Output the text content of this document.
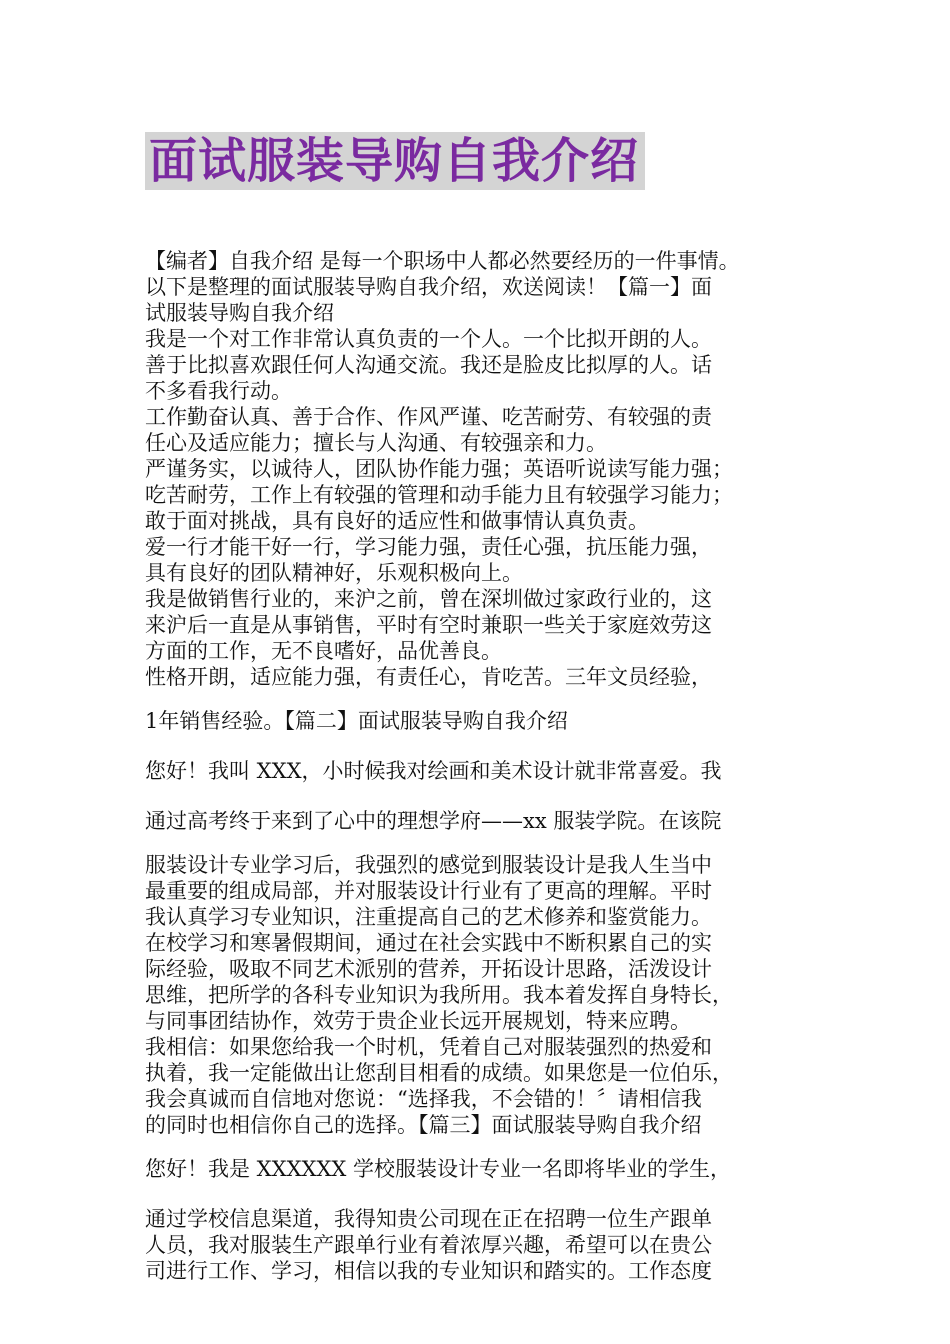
面试服装导购自我介绍

【编者】自我介绍 是每一个职场中人都必然要经历的一件事情。

以下是整理的面试服装导购自我介绍，欢送阅读！【篇一】面

试服装导购自我介绍

我是一个对工作非常认真负责的一个人。一个比拟开朗的人。

善于比拟喜欢跟任何人沟通交流。我还是脸皮比拟厚的人。话

不多看我行动。

工作勤奋认真、善于合作、作风严谨、吃苦耐劳、有较强的责

任心及适应能力；擅长与人沟通、有较强亲和力。

严谨务实，以诚待人，团队协作能力强；英语听说读写能力强；

吃苦耐劳，工作上有较强的管理和动手能力且有较强学习能力；

敢于面对挑战，具有良好的适应性和做事情认真负责。

爱一行才能干好一行，学习能力强，责任心强，抗压能力强，

具有良好的团队精神好，乐观积极向上。

我是做销售行业的，来沪之前，曾在深圳做过家政行业的，这

来沪后一直是从事销售，平时有空时兼职一些关于家庭效劳这

方面的工作，无不良嗜好，品优善良。

性格开朗，适应能力强，有责任心，肯吃苦。三年文员经验，

1年销售经验。【篇二】面试服装导购自我介绍

您好！我叫 XXX，小时候我对绘画和美术设计就非常喜爱。我

通过高考终于来到了心中的理想学府——xx 服装学院。在该院

服装设计专业学习后，我强烈的感觉到服装设计是我人生当中

最重要的组成局部，并对服装设计行业有了更高的理解。平时

我认真学习专业知识，注重提高自己的艺术修养和鉴赏能力。

在校学习和寒暑假期间，通过在社会实践中不断积累自己的实

际经验，吸取不同艺术派别的营养，开拓设计思路，活泼设计

思维，把所学的各科专业知识为我所用。我本着发挥自身特长，

与同事团结协作，效劳于贵企业长远开展规划，特来应聘。

我相信：如果您给我一个时机，凭着自己对服装强烈的热爱和

执着，我一定能做出让您刮目相看的成绩。如果您是一位伯乐，

我会真诚而自信地对您说：“选择我，不会错的！〞请相信我

的同时也相信你自己的选择。【篇三】面试服装导购自我介绍

您好！我是 XXXXXX 学校服装设计专业一名即将毕业的学生，

通过学校信息渠道，我得知贵公司现在正在招聘一位生产跟单

人员，我对服装生产跟单行业有着浓厚兴趣，希望可以在贵公

司进行工作、学习，相信以我的专业知识和踏实的。工作态度
